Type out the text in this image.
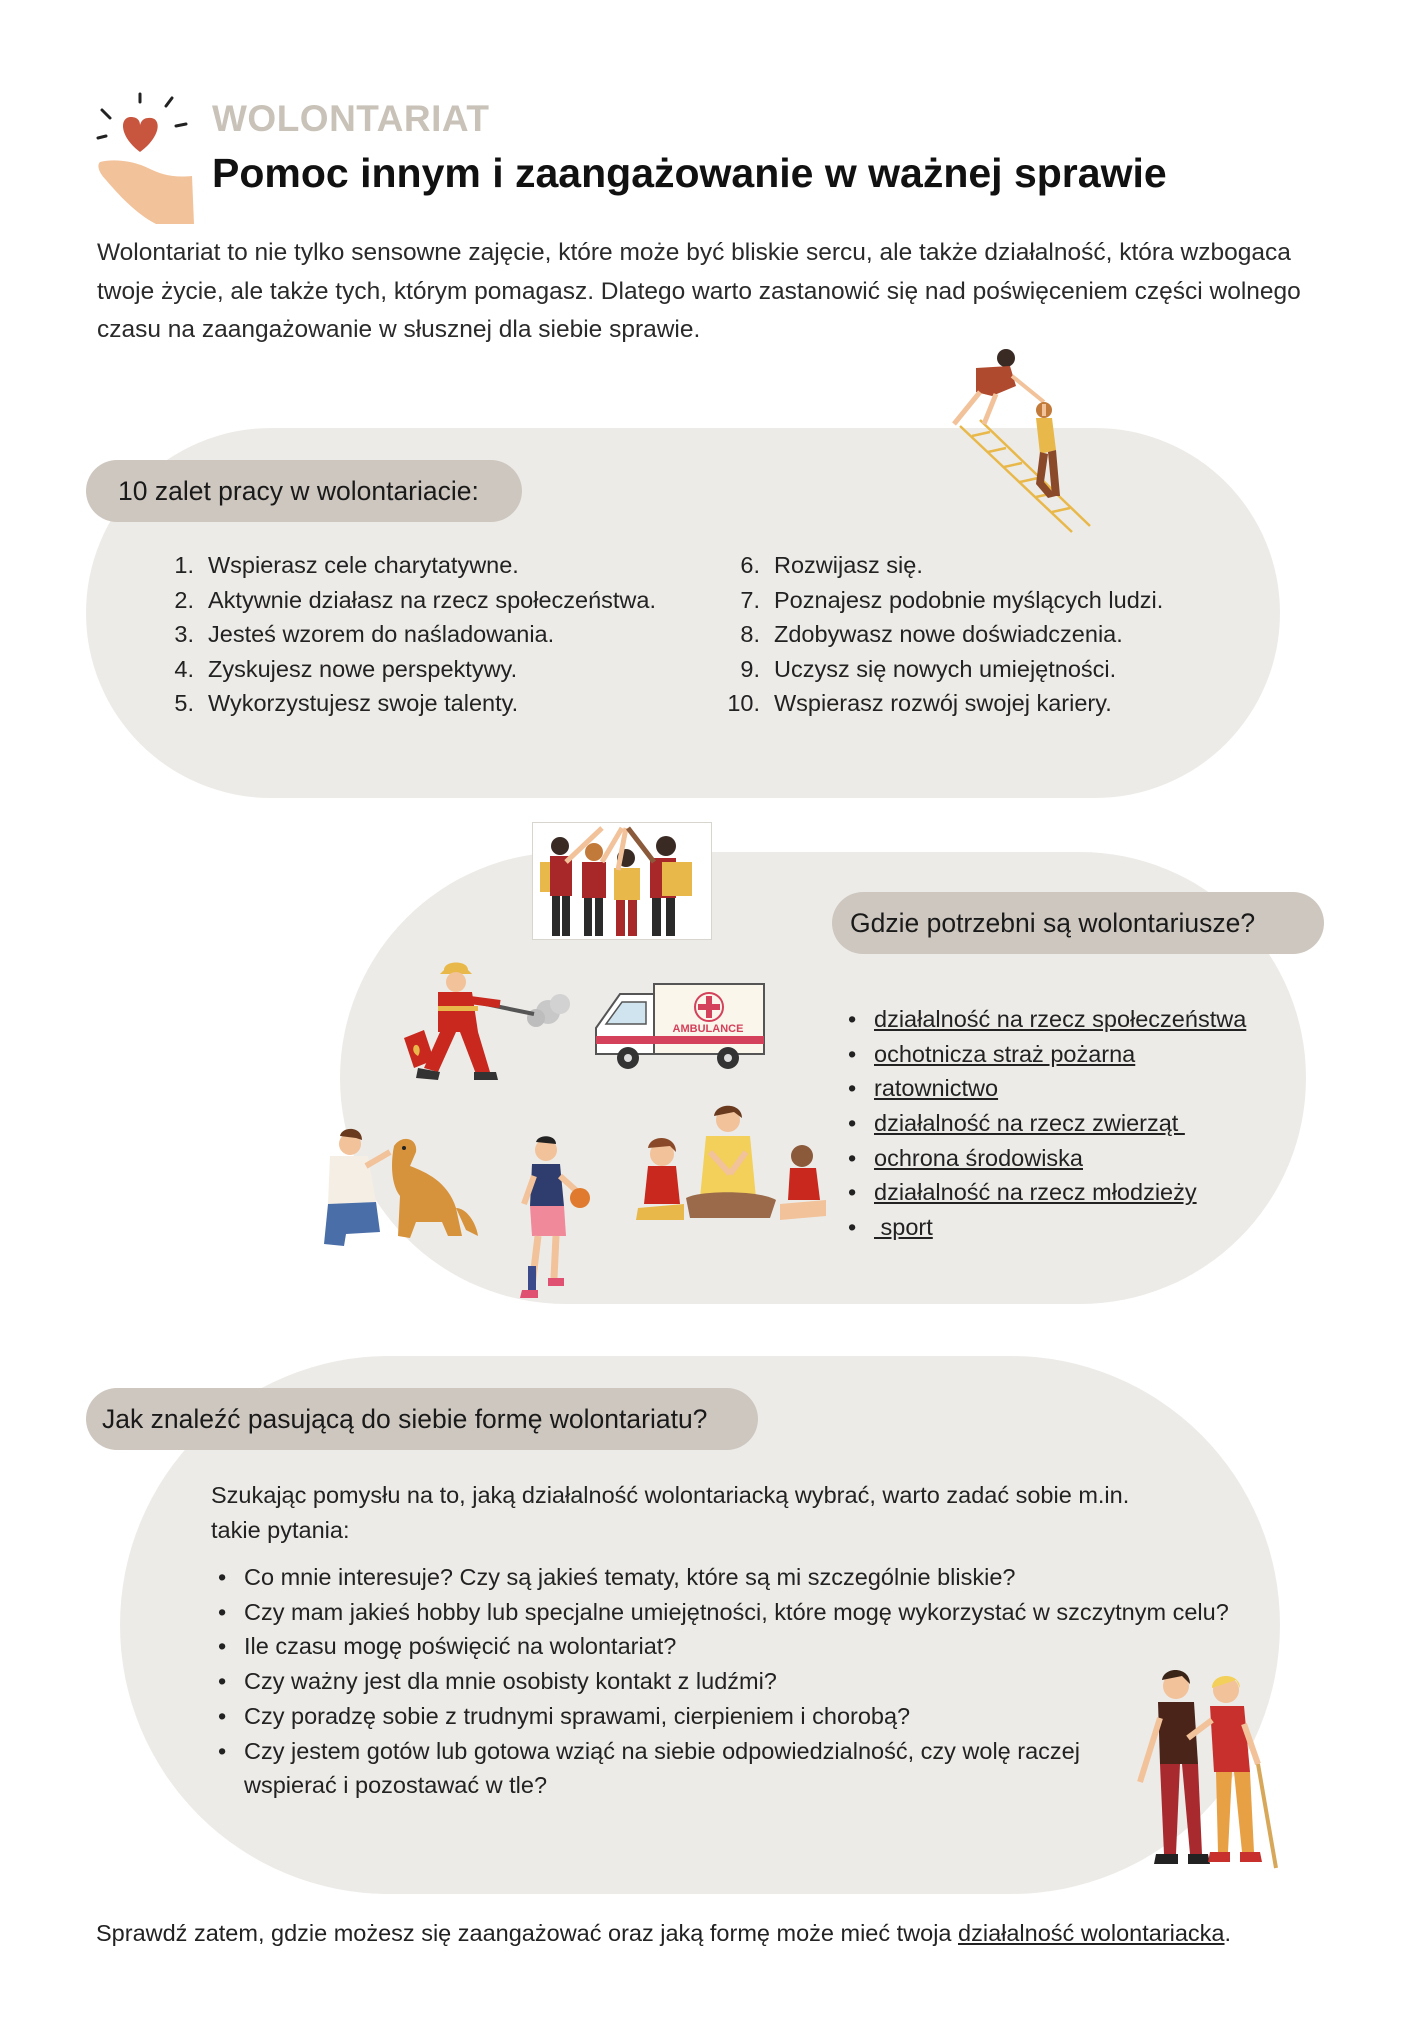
WOLONTARIAT
Pomoc innym i zaangażowanie w ważnej sprawie
Wolontariat to nie tylko sensowne zajęcie, które może być bliskie sercu, ale także działalność, która wzbogaca twoje życie, ale także tych, którym pomagasz. Dlatego warto zastanowić się nad poświęceniem części wolnego czasu na zaangażowanie w słusznej dla siebie sprawie.
10 zalet pracy w wolontariacie:
1. Wspierasz cele charytatywne.
2. Aktywnie działasz na rzecz społeczeństwa.
3. Jesteś wzorem do naśladowania.
4. Zyskujesz nowe perspektywy.
5. Wykorzystujesz swoje talenty.
6. Rozwijasz się.
7. Poznajesz podobnie myślących ludzi.
8. Zdobywasz nowe doświadczenia.
9. Uczysz się nowych umiejętności.
10. Wspierasz rozwój swojej kariery.
Gdzie potrzebni są wolontariusze?
AMBULANCE
•	działalność na rzecz społeczeństwa
• ochotnicza straż pożarna
• ratownictwo
• działalność na rzecz zwierząt
• ochrona środowiska
• działalność na rzecz młodzieży
•  sport
Jak znaleźć pasującą do siebie formę wolontariatu?
Szukając pomysłu na to, jaką działalność wolontariacką wybrać, warto zadać sobie m.in. takie pytania:
• Co mnie interesuje? Czy są jakieś tematy, które są mi szczególnie bliskie?
• Czy mam jakieś hobby lub specjalne umiejętności, które mogę wykorzystać w szczytnym celu?
• Ile czasu mogę poświęcić na wolontariat?
• Czy ważny jest dla mnie osobisty kontakt z ludźmi?
• Czy poradzę sobie z trudnymi sprawami, cierpieniem i chorobą?
• Czy jestem gotów lub gotowa wziąć na siebie odpowiedzialność, czy wolę raczej wspierać i pozostawać w tle?
Sprawdź zatem, gdzie możesz się zaangażować oraz jaką formę może mieć twoja działalność wolontariacka.
